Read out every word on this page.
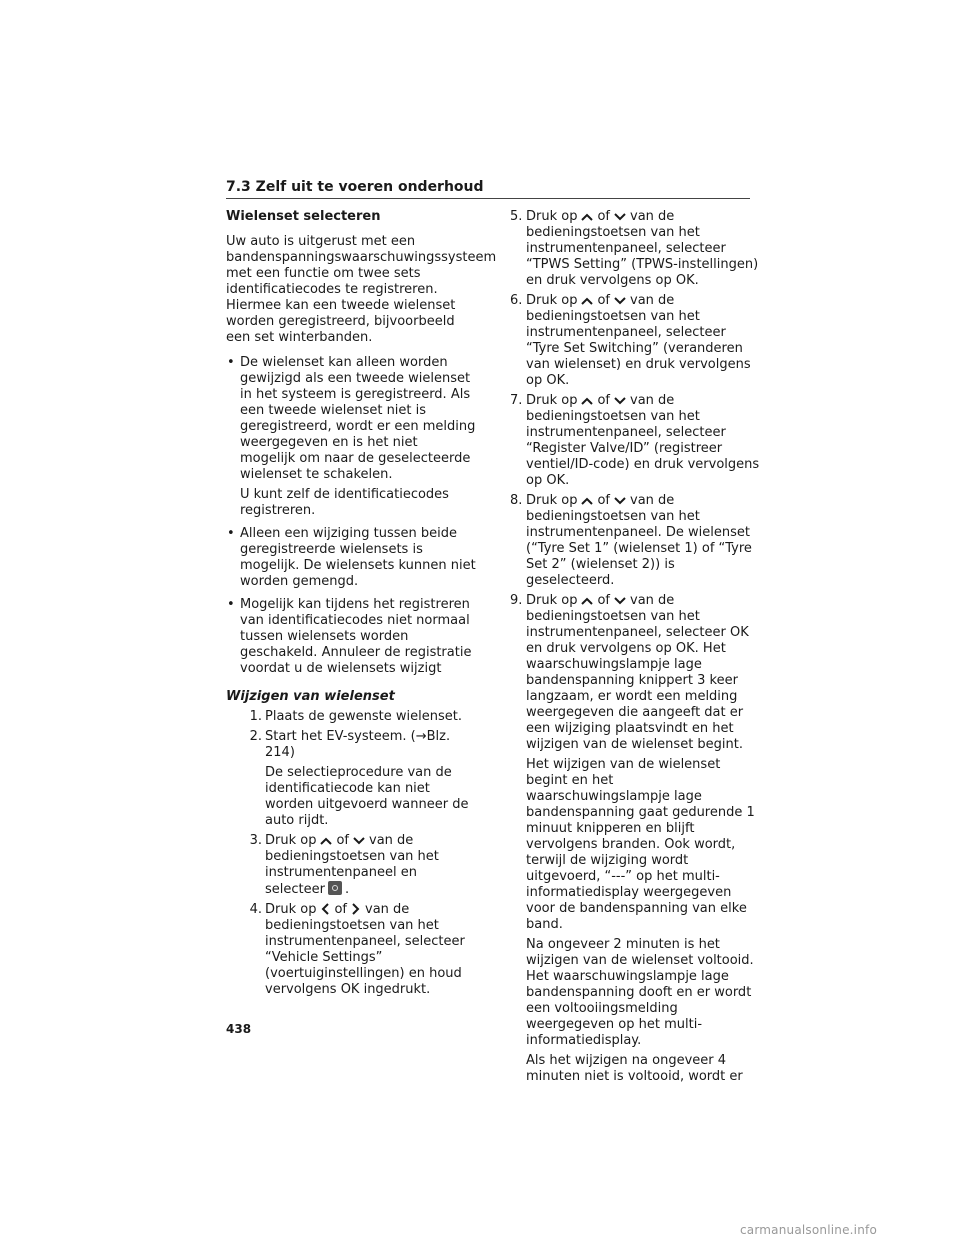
7.3 Zelf uit te voeren onderhoud
Wielenset selecteren

Uw auto is uitgerust met een bandenspanningswaarschuwingssysteem met een functie om twee sets identificatiecodes te registreren. Hiermee kan een tweede wielenset worden geregistreerd, bijvoorbeeld een set winterbanden.

• De wielenset kan alleen worden gewijzigd als een tweede wielenset in het systeem is geregistreerd. Als een tweede wielenset niet is geregistreerd, wordt er een melding weergegeven en is het niet mogelijk om naar de geselecteerde wielenset te schakelen.

U kunt zelf de identificatiecodes registreren.

• Alleen een wijziging tussen beide geregistreerde wielensets is mogelijk. De wielensets kunnen niet worden gemengd.

• Mogelijk kan tijdens het registreren van identificatiecodes niet normaal tussen wielensets worden geschakeld. Annuleer de registratie voordat u de wielensets wijzigt

Wijzigen van wielenset
1. Plaats de gewenste wielenset.

2. Start het EV-systeem. (→Blz. 214)

De selectieprocedure van de identificatiecode kan niet worden uitgevoerd wanneer de auto rijdt.

3. Druk op of van de bedieningstoetsen van het instrumentenpaneel en selecteer .

4. Druk op of van de bedieningstoetsen van het instrumentenpaneel, selecteer “Vehicle Settings” (voertuiginstellingen) en houd vervolgens OK ingedrukt.

5. Druk op of van de bedieningstoetsen van het instrumentenpaneel, selecteer “TPWS Setting” (TPWS-instellingen) en druk vervolgens op OK.

6. Druk op of van de bedieningstoetsen van het instrumentenpaneel, selecteer “Tyre Set Switching” (veranderen van wielenset) en druk vervolgens op OK.

7. Druk op of van de bedieningstoetsen van het instrumentenpaneel, selecteer “Register Valve/ID” (registreer ventiel/ID-code) en druk vervolgens op OK.

8. Druk op of van de bedieningstoetsen van het instrumentenpaneel. De wielenset (“Tyre Set 1” (wielenset 1) of “Tyre Set 2” (wielenset 2)) is geselecteerd.

9. Druk op of van de bedieningstoetsen van het instrumentenpaneel, selecteer OK en druk vervolgens op OK. Het waarschuwingslampje lage bandenspanning knippert 3 keer langzaam, er wordt een melding weergegeven die aangeeft dat er een wijziging plaatsvindt en het wijzigen van de wielenset begint.

Het wijzigen van de wielenset begint en het waarschuwingslampje lage bandenspanning gaat gedurende 1 minuut knipperen en blijft vervolgens branden. Ook wordt, terwijl de wijziging wordt uitgevoerd, “---” op het multi-informatiedisplay weergegeven voor de bandenspanning van elke band.

Na ongeveer 2 minuten is het wijzigen van de wielenset voltooid. Het waarschuwingslampje lage bandenspanning dooft en er wordt een voltooiingsmelding weergegeven op het multi-informatiedisplay.

Als het wijzigen na ongeveer 4 minuten niet is voltooid, wordt er

438
carmanualsonline.info
